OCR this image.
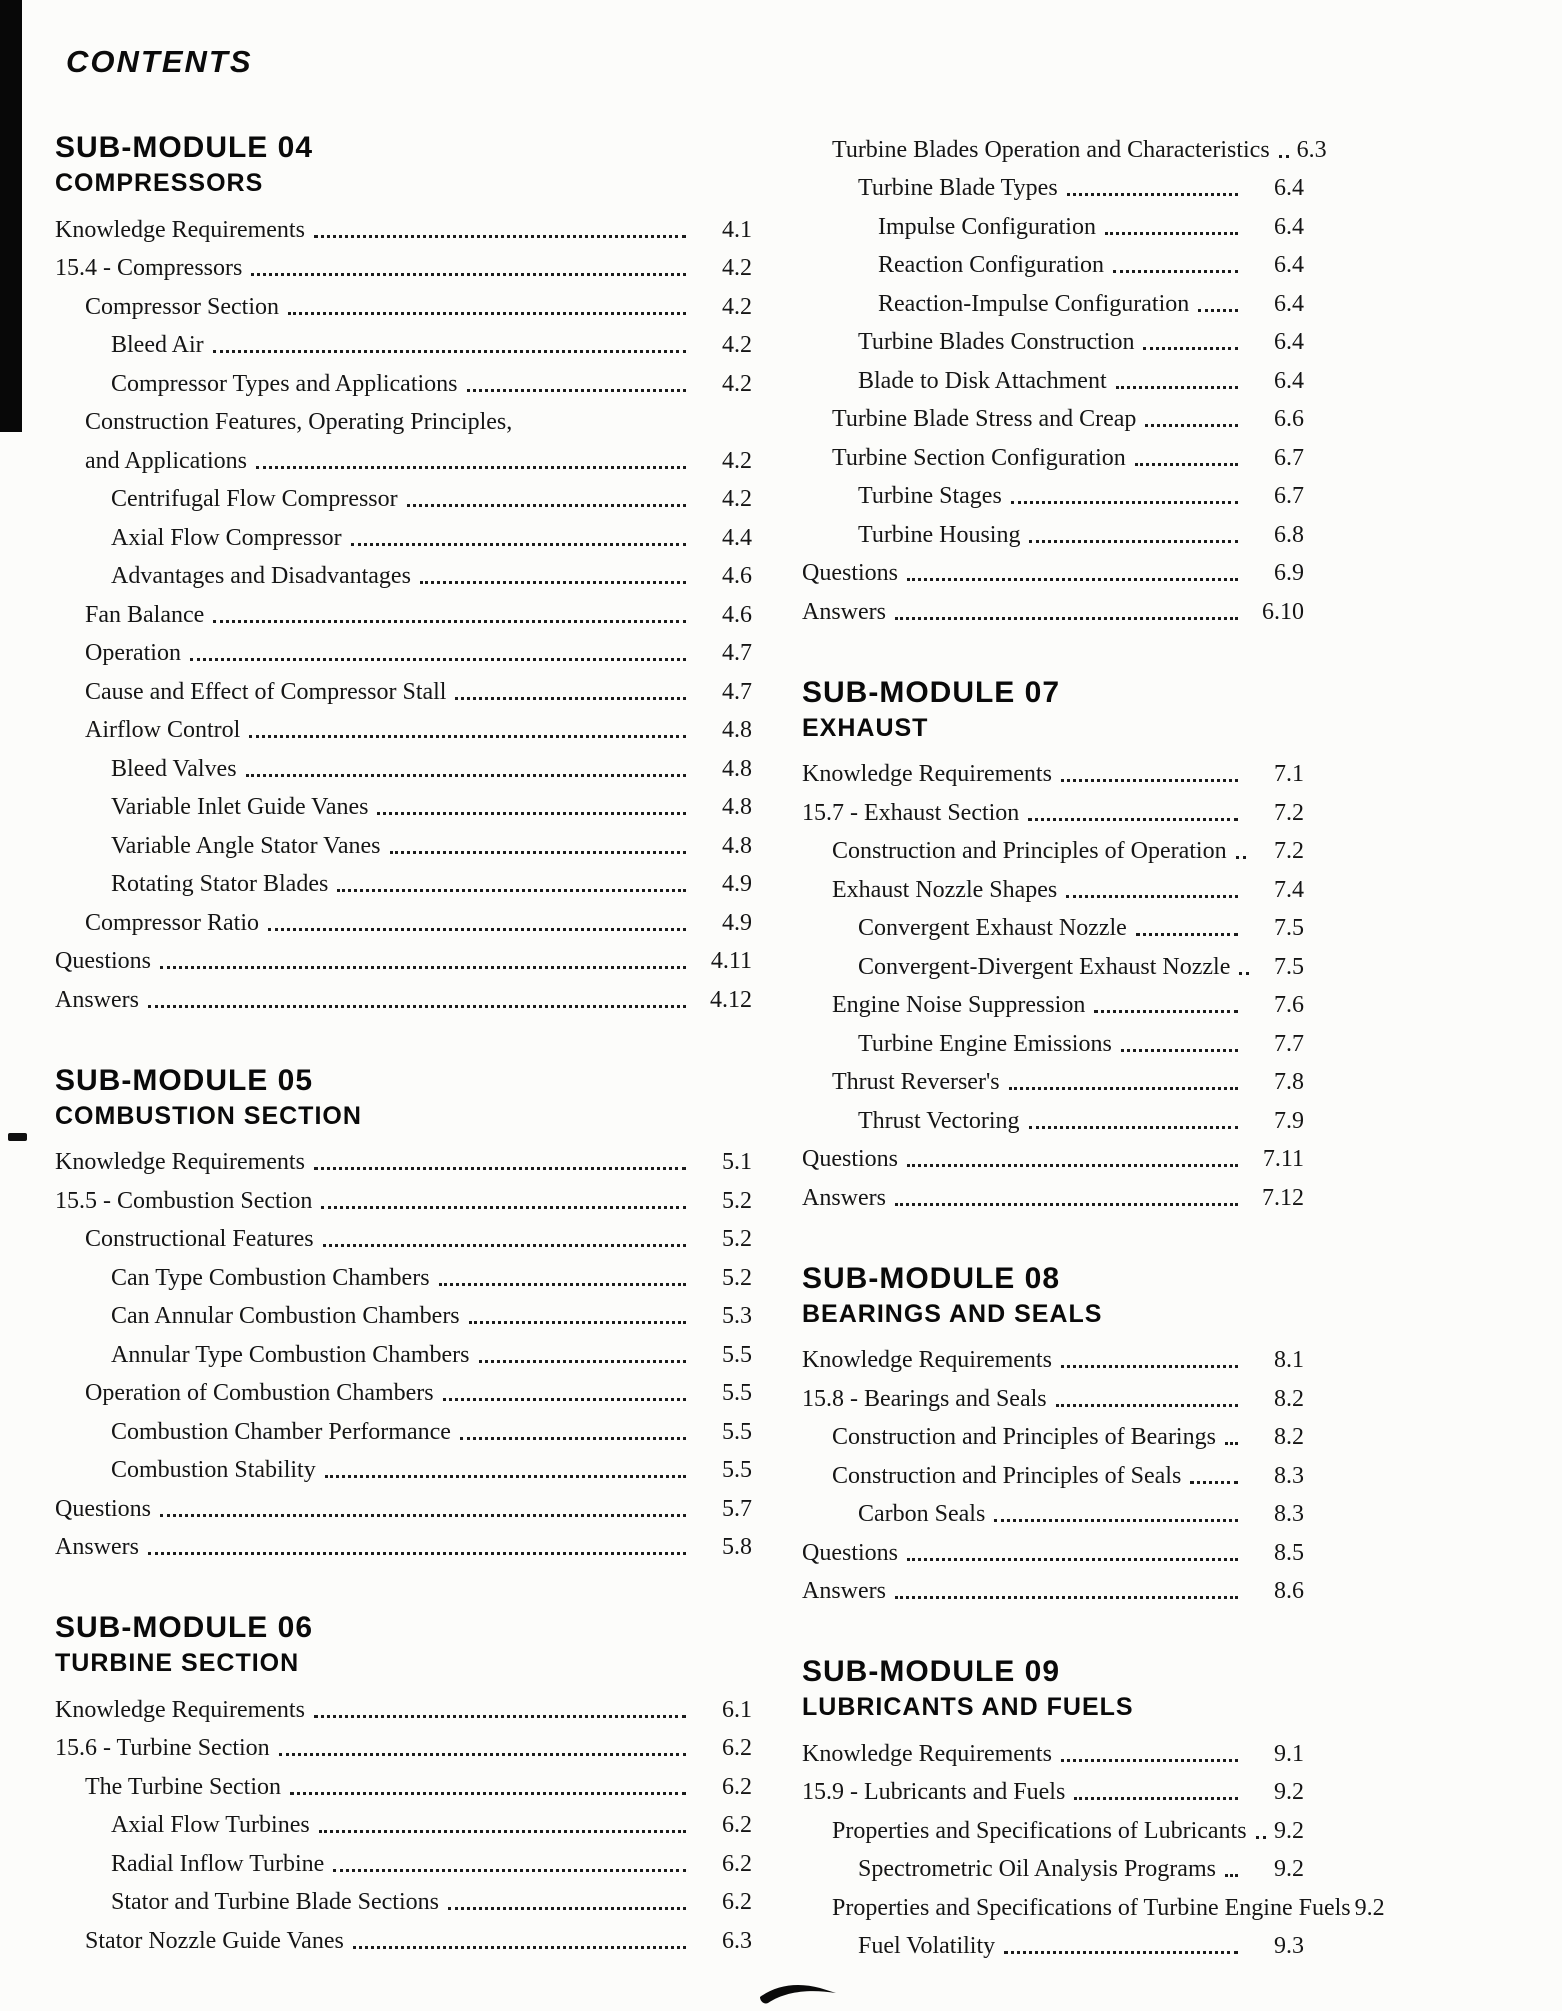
CONTENTS
SUB-MODULE 04
COMPRESSORS
Knowledge Requirements	4.1
15.4 - Compressors	4.2
Compressor Section	4.2
Bleed Air	4.2
Compressor Types and Applications	4.2
Construction Features, Operating Principles,
and Applications	4.2
Centrifugal Flow Compressor	4.2
Axial Flow Compressor	4.4
Advantages and Disadvantages	4.6
Fan Balance	4.6
Operation	4.7
Cause and Effect of Compressor Stall	4.7
Airflow Control	4.8
Bleed Valves	4.8
Variable Inlet Guide Vanes	4.8
Variable Angle Stator Vanes	4.8
Rotating Stator Blades	4.9
Compressor Ratio	4.9
Questions	4.11
Answers	4.12
SUB-MODULE 05
COMBUSTION SECTION
Knowledge Requirements	5.1
15.5 - Combustion Section	5.2
Constructional Features	5.2
Can Type Combustion Chambers	5.2
Can Annular Combustion Chambers	5.3
Annular Type Combustion Chambers	5.5
Operation of Combustion Chambers	5.5
Combustion Chamber Performance	5.5
Combustion Stability	5.5
Questions	5.7
Answers	5.8
SUB-MODULE 06
TURBINE SECTION
Knowledge Requirements	6.1
15.6 - Turbine Section	6.2
The Turbine Section	6.2
Axial Flow Turbines	6.2
Radial Inflow Turbine	6.2
Stator and Turbine Blade Sections	6.2
Stator Nozzle Guide Vanes	6.3
Turbine Blades Operation and Characteristics 6.3
Turbine Blade Types	6.4
Impulse Configuration	6.4
Reaction Configuration	6.4
Reaction-Impulse Configuration	6.4
Turbine Blades Construction	6.4
Blade to Disk Attachment	6.4
Turbine Blade Stress and Creap	6.6
Turbine Section Configuration	6.7
Turbine Stages	6.7
Turbine Housing	6.8
Questions	6.9
Answers	6.10
SUB-MODULE 07
EXHAUST
Knowledge Requirements	7.1
15.7 - Exhaust Section	7.2
Construction and Principles of Operation	7.2
Exhaust Nozzle Shapes	7.4
Convergent Exhaust Nozzle	7.5
Convergent-Divergent Exhaust Nozzle	7.5
Engine Noise Suppression	7.6
Turbine Engine Emissions	7.7
Thrust Reverser's	7.8
Thrust Vectoring	7.9
Questions	7.11
Answers	7.12
SUB-MODULE 08
BEARINGS AND SEALS
Knowledge Requirements	8.1
15.8 - Bearings and Seals	8.2
Construction and Principles of Bearings	8.2
Construction and Principles of Seals	8.3
Carbon Seals	8.3
Questions	8.5
Answers	8.6
SUB-MODULE 09
LUBRICANTS AND FUELS
Knowledge Requirements	9.1
15.9 - Lubricants and Fuels	9.2
Properties and Specifications of Lubricants 9.2
Spectrometric Oil Analysis Programs	9.2
Properties and Specifications of Turbine Engine Fuels 9.2
Fuel Volatility	9.3
